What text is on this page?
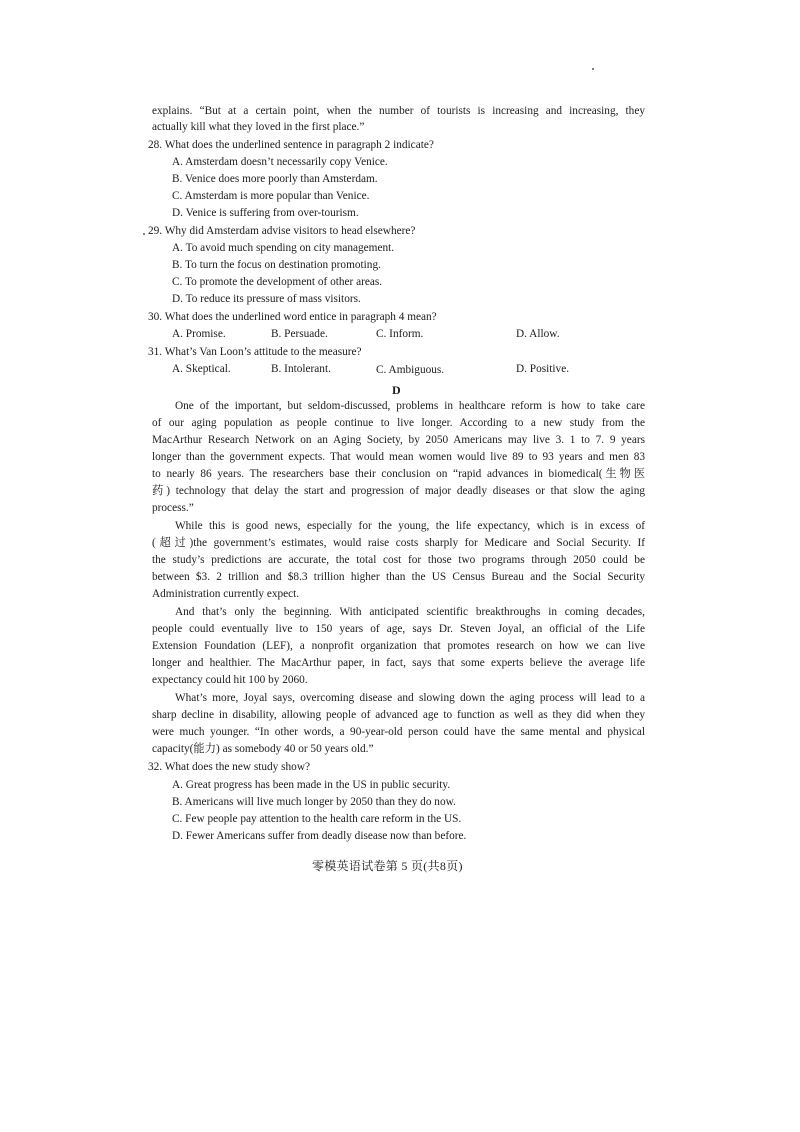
explains. “But at a certain point, when the number of tourists is increasing and increasing, they
actually kill what they loved in the first place.”
28. What does the underlined sentence in paragraph 2 indicate?
A. Amsterdam doesn’t necessarily copy Venice.
B. Venice does more poorly than Amsterdam.
C. Amsterdam is more popular than Venice.
D. Venice is suffering from over-tourism.
29. Why did Amsterdam advise visitors to head elsewhere?
A. To avoid much spending on city management.
B. To turn the focus on destination promoting.
C. To promote the development of other areas.
D. To reduce its pressure of mass visitors.
30. What does the underlined word entice in paragraph 4 mean?
A. Promise.	B. Persuade.	C. Inform.	D. Allow.
31. What’s Van Loon’s attitude to the measure?
A. Skeptical.	B. Intolerant.	C. Ambiguous.	D. Positive.
D
One of the important, but seldom-discussed, problems in healthcare reform is how to take care
of our aging population as people continue to live longer. According to a new study from the
MacArthur Research Network on an Aging Society, by 2050 Americans may live 3. 1 to 7. 9 years
longer than the government expects. That would mean women would live 89 to 93 years and men 83
to nearly 86 years. The researchers base their conclusion on “rapid advances in biomedical(生物医
药) technology that delay the start and progression of major deadly diseases or that slow the aging
process.”
While this is good news, especially for the young, the life expectancy, which is in excess of
(超过)the government’s estimates, would raise costs sharply for Medicare and Social Security. If
the study’s predictions are accurate, the total cost for those two programs through 2050 could be
between $3. 2 trillion and $8.3 trillion higher than the US Census Bureau and the Social Security
Administration currently expect.
And that’s only the beginning. With anticipated scientific breakthroughs in coming decades,
people could eventually live to 150 years of age, says Dr. Steven Joyal, an official of the Life
Extension Foundation (LEF), a nonprofit organization that promotes research on how we can live
longer and healthier. The MacArthur paper, in fact, says that some experts believe the average life
expectancy could hit 100 by 2060.
What’s more, Joyal says, overcoming disease and slowing down the aging process will lead to a
sharp decline in disability, allowing people of advanced age to function as well as they did when they
were much younger. “In other words, a 90-year-old person could have the same mental and physical
capacity(能力) as somebody 40 or 50 years old.”
32. What does the new study show?
A. Great progress has been made in the US in public security.
B. Americans will live much longer by 2050 than they do now.
C. Few people pay attention to the health care reform in the US.
D. Fewer Americans suffer from deadly disease now than before.
零模英语试卷第 5 页(共8页)
